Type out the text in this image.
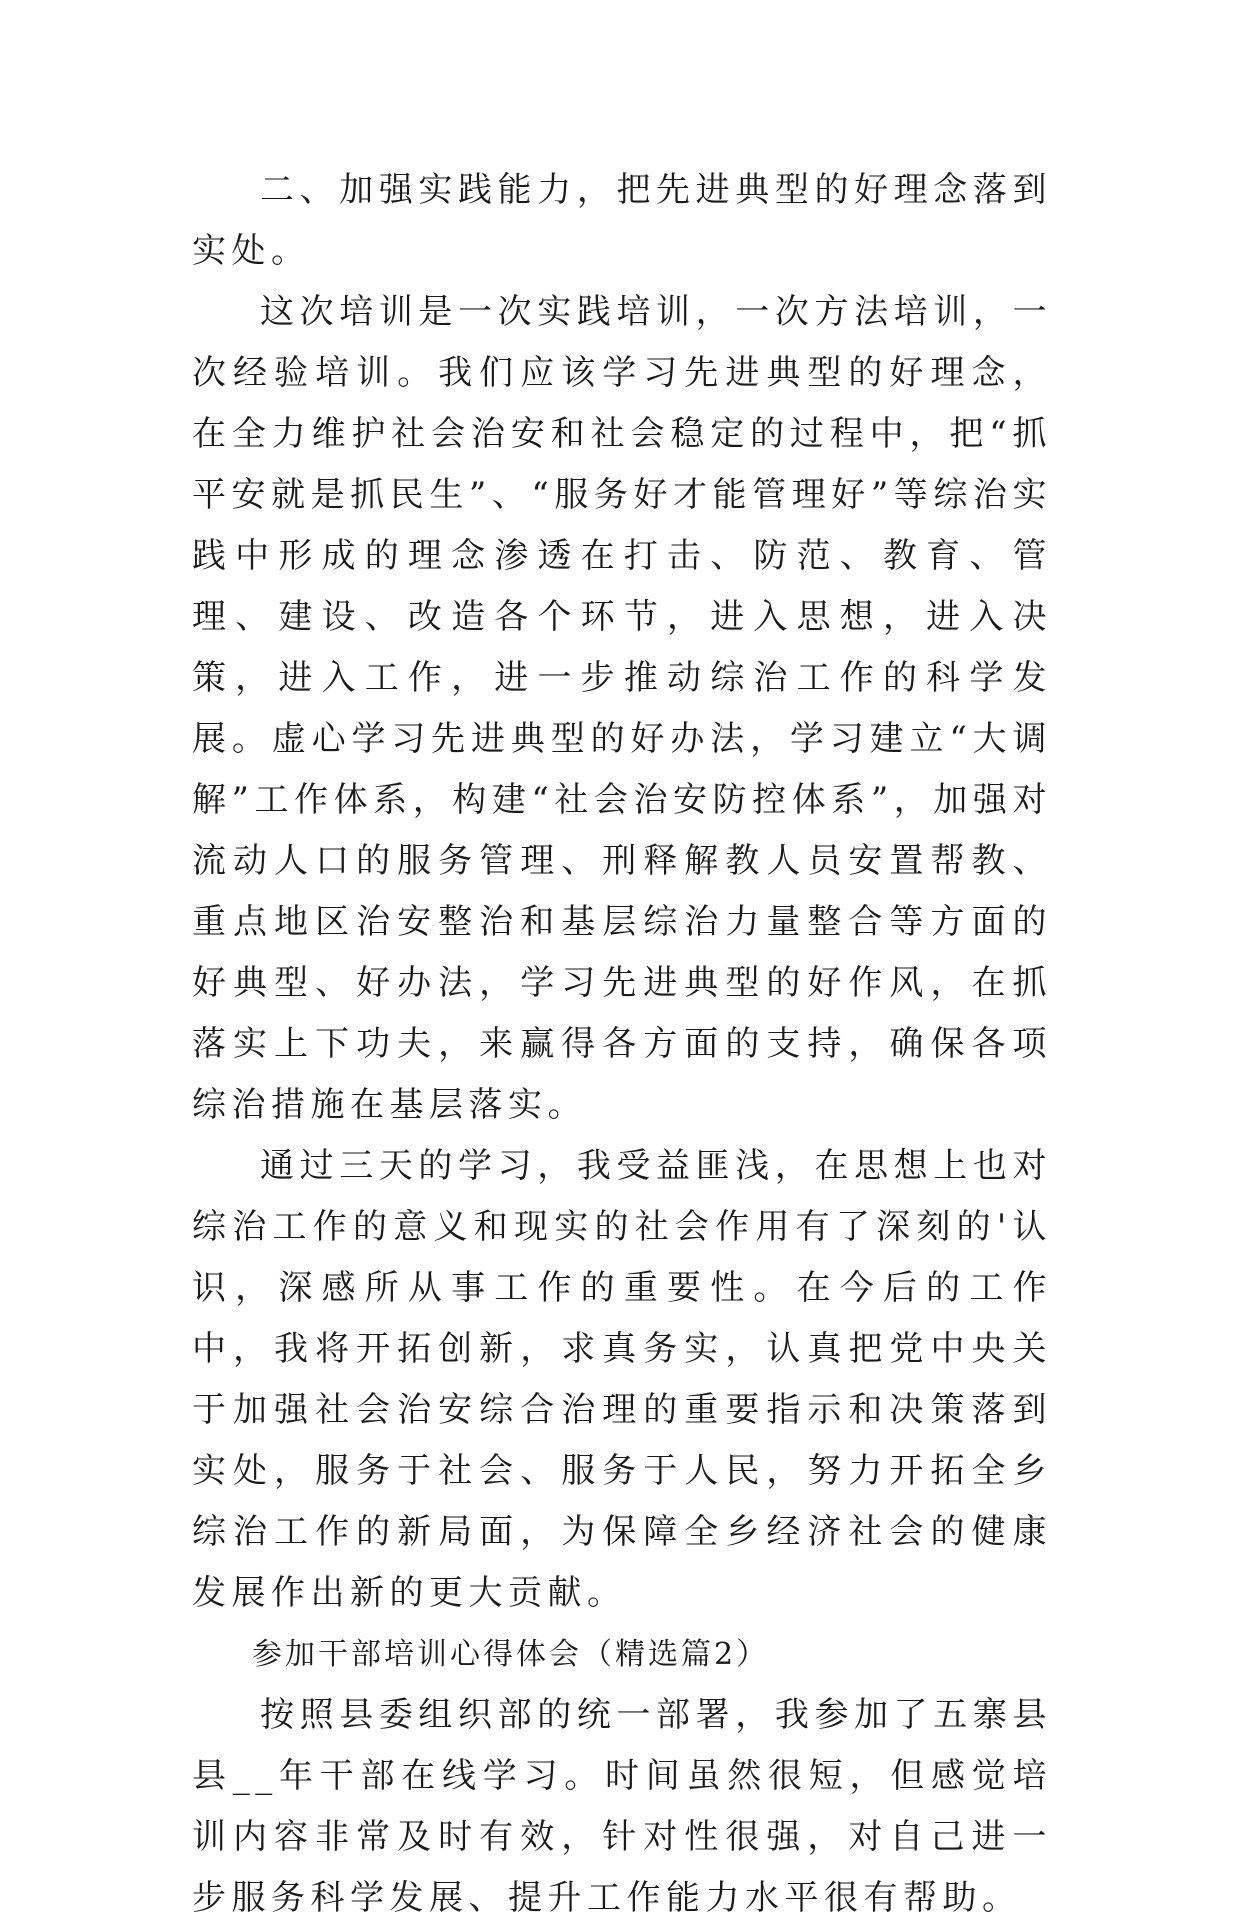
二、加强实践能力，把先进典型的好理念落到实处。

这次培训是一次实践培训，一次方法培训，一次经验培训。我们应该学习先进典型的好理念，在全力维护社会治安和社会稳定的过程中，把“抓平安就是抓民生”、“服务好才能管理好”等综治实践中形成的理念渗透在打击、防范、教育、管理、建设、改造各个环节，进入思想，进入决策，进入工作，进一步推动综治工作的科学发展。虚心学习先进典型的好办法，学习建立“大调解”工作体系，构建“社会治安防控体系”，加强对流动人口的服务管理、刑释解教人员安置帮教、重点地区治安整治和基层综治力量整合等方面的好典型、好办法，学习先进典型的好作风，在抓落实上下功夫，来赢得各方面的支持，确保各项综治措施在基层落实。

通过三天的学习，我受益匪浅，在思想上也对综治工作的意义和现实的社会作用有了深刻的'认识，深感所从事工作的重要性。在今后的工作中，我将开拓创新，求真务实，认真把党中央关于加强社会治安综合治理的重要指示和决策落到实处，服务于社会、服务于人民，努力开拓全乡综治工作的新局面，为保障全乡经济社会的健康发展作出新的更大贡献。

参加干部培训心得体会（精选篇2）

按照县委组织部的统一部署，我参加了五寨县县__年干部在线学习。时间虽然很短，但感觉培训内容非常及时有效，针对性很强，对自己进一步服务科学发展、提升工作能力水平很有帮助。
